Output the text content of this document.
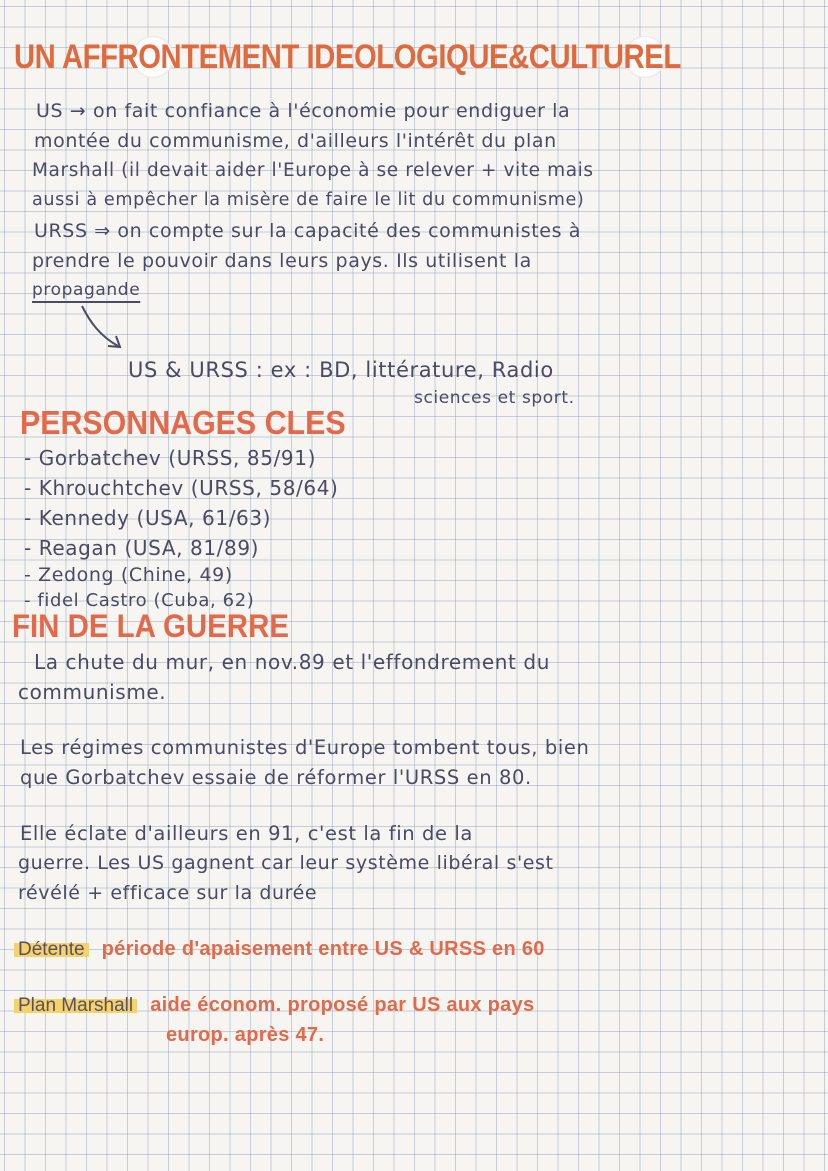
UN AFFRONTEMENT IDEOLOGIQUE&CULTUREL
US → on fait confiance à l'économie pour endiguer la
montée du communisme, d'ailleurs l'intérêt du plan
Marshall (il devait aider l'Europe à se relever + vite mais
aussi à empêcher la misère de faire le lit du communisme)
URSS ⇒ on compte sur la capacité des communistes à
prendre le pouvoir dans leurs pays. Ils utilisent la
propagande
US & URSS : ex : BD, littérature, Radio
sciences et sport.
PERSONNAGES CLES
- Gorbatchev (URSS, 85/91)
- Khrouchtchev (URSS, 58/64)
- Kennedy (USA, 61/63)
- Reagan (USA, 81/89)
- Zedong (Chine, 49)
- fidel Castro (Cuba, 62)
FIN DE LA GUERRE
La chute du mur, en nov.89 et l'effondrement du
communisme.
Les régimes communistes d'Europe tombent tous, bien
que Gorbatchev essaie de réformer l'URSS en 80.
Elle éclate d'ailleurs en 91, c'est la fin de la
guerre. Les US gagnent car leur système libéral s'est
révélé + efficace sur la durée
Détente période d'apaisement entre US & URSS en 60
Plan Marshall aide économ. proposé par US aux pays
europ. après 47.
